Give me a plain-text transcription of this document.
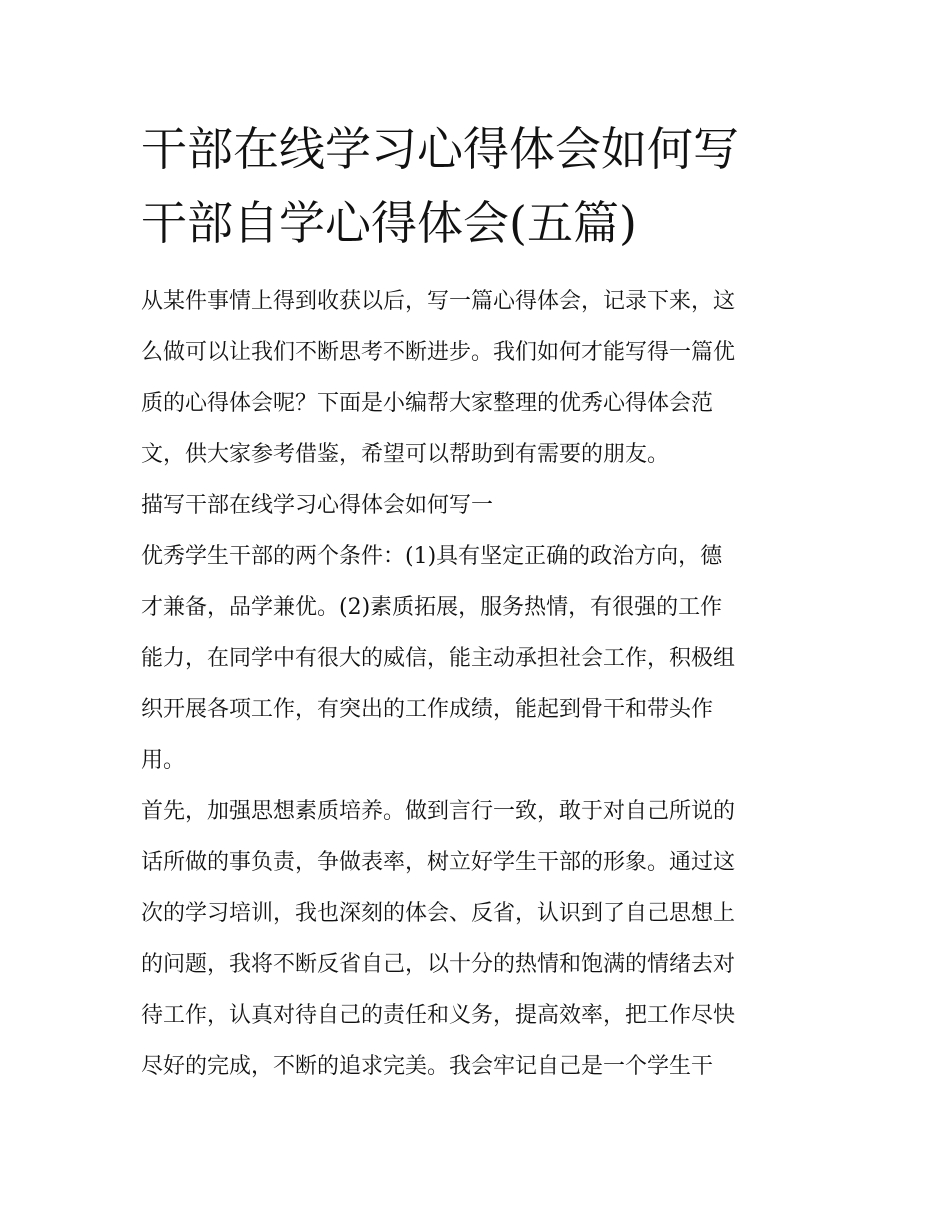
干部在线学习心得体会如何写
干部自学心得体会(五篇)
从某件事情上得到收获以后，写一篇心得体会，记录下来，这
么做可以让我们不断思考不断进步。我们如何才能写得一篇优
质的心得体会呢？下面是小编帮大家整理的优秀心得体会范
文，供大家参考借鉴，希望可以帮助到有需要的朋友。
描写干部在线学习心得体会如何写一
优秀学生干部的两个条件：(1)具有坚定正确的政治方向，德
才兼备，品学兼优。(2)素质拓展，服务热情，有很强的工作
能力，在同学中有很大的威信，能主动承担社会工作，积极组
织开展各项工作，有突出的工作成绩，能起到骨干和带头作
用。
首先，加强思想素质培养。做到言行一致，敢于对自己所说的
话所做的事负责，争做表率，树立好学生干部的形象。通过这
次的学习培训，我也深刻的体会、反省，认识到了自己思想上
的问题，我将不断反省自己，以十分的热情和饱满的情绪去对
待工作，认真对待自己的责任和义务，提高效率，把工作尽快
尽好的完成，不断的追求完美。我会牢记自己是一个学生干
